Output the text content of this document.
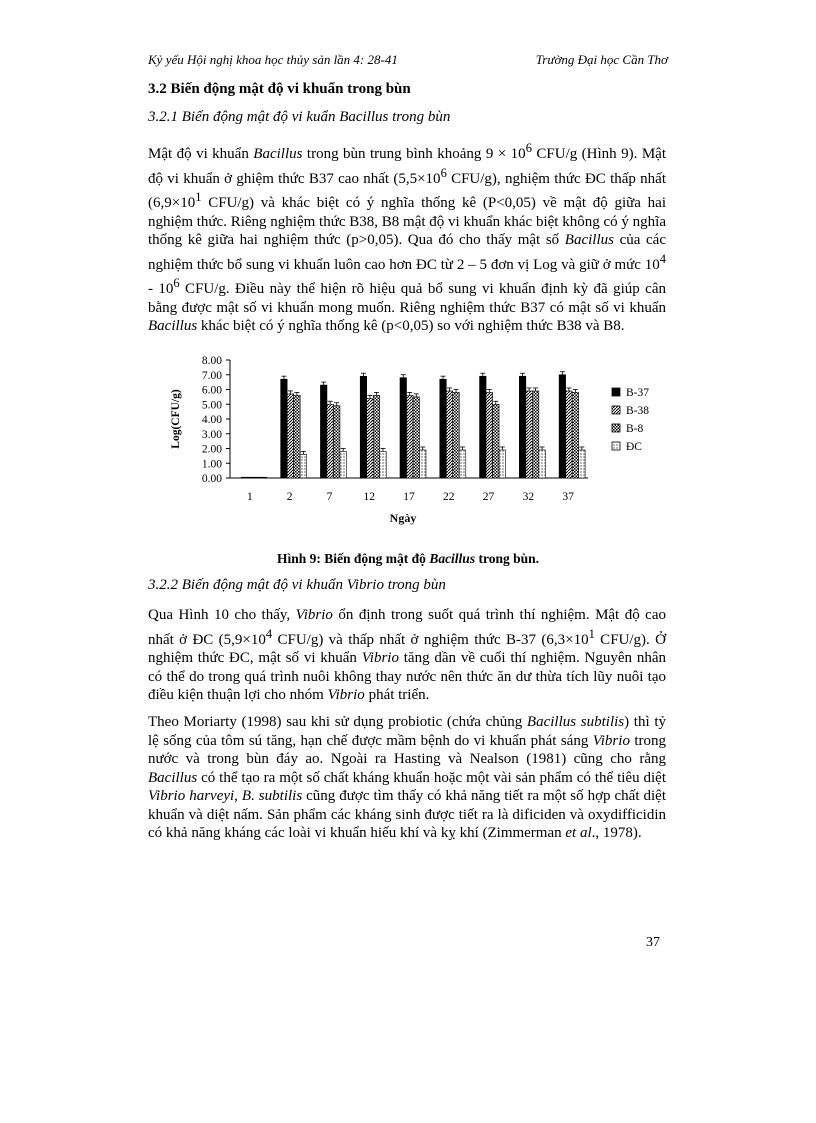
Kỷ yếu Hội nghị khoa học thủy sản lần 4: 28-41	Trường Đại học Cần Thơ
3.2 Biến động mật độ vi khuẩn trong bùn
3.2.1 Biến động mật độ vi kuẩn Bacillus trong bùn

Mật độ vi khuẩn Bacillus trong bùn trung bình khoảng $9 \times 10^6$ CFU/g (Hình 9). Mật độ vi khuẩn ở ghiệm thức B37 cao nhất ($5,5\times 10^6$ CFU/g), nghiệm thức ĐC thấp nhất ($6,9\times 10^1$ CFU/g) và khác biệt có ý nghĩa thống kê (P<0,05) về mật độ giữa hai nghiệm thức. Riêng nghiệm thức B38, B8 mật độ vi khuẩn khác biệt không có ý nghĩa thống kê giữa hai nghiệm thức (p>0,05). Qua đó cho thấy mật số Bacillus của các nghiệm thức bổ sung vi khuẩn luôn cao hơn ĐC từ 2 – 5 đơn vị Log và giữ ở mức $10^4 - 10^6$ CFU/g. Điều này thể hiện rõ hiệu quả bổ sung vi khuẩn định kỳ đã giúp cân bằng được mật số vi khuẩn mong muốn. Riêng nghiệm thức B37 có mật số vi khuẩn Bacillus khác biệt có ý nghĩa thống kê (p<0,05) so với nghiệm thức B38 và B8.

0.00
1.00
2.00
3.00
4.00
5.00
6.00
7.00
8.00
Log(CFU/g)
1	2	7	12 17 22 27 32 37
Ngày
B-37
B-38
B-8
ĐC
Hình 9: Biến động mật độ Bacillus trong bùn.
3.2.2 Biến động mật độ vi khuẩn Vibrio trong bùn

Qua Hình 10 cho thấy, Vibrio ổn định trong suốt quá trình thí nghiệm. Mật độ cao nhất ở ĐC ($5,9\times 10^4$ CFU/g) và thấp nhất ở nghiệm thức B-37 ($6,3\times 10^1$ CFU/g). Ở nghiệm thức ĐC, mật số vi khuẩn Vibrio tăng dần về cuối thí nghiệm. Nguyên nhân có thể do trong quá trình nuôi không thay nước nên thức ăn dư thừa tích lũy nuôi tạo điều kiện thuận lợi cho nhóm Vibrio phát triển.

Theo Moriarty (1998) sau khi sử dụng probiotic (chứa chủng Bacillus subtilis) thì tỷ lệ sống của tôm sú tăng, hạn chế được mầm bệnh do vi khuẩn phát sáng Vibrio trong nước và trong bùn đáy ao. Ngoài ra Hasting và Nealson (1981) cũng cho rằng Bacillus có thể tạo ra một số chất kháng khuẩn hoặc một vài sản phẩm có thể tiêu diệt Vibrio harveyi, B. subtilis cũng được tìm thấy có khả năng tiết ra một số hợp chất diệt khuẩn và diệt nấm. Sản phẩm các kháng sinh được tiết ra là dificiden và oxydifficidin có khả năng kháng các loài vi khuẩn hiếu khí và kỵ khí (Zimmerman et al., 1978).

37
